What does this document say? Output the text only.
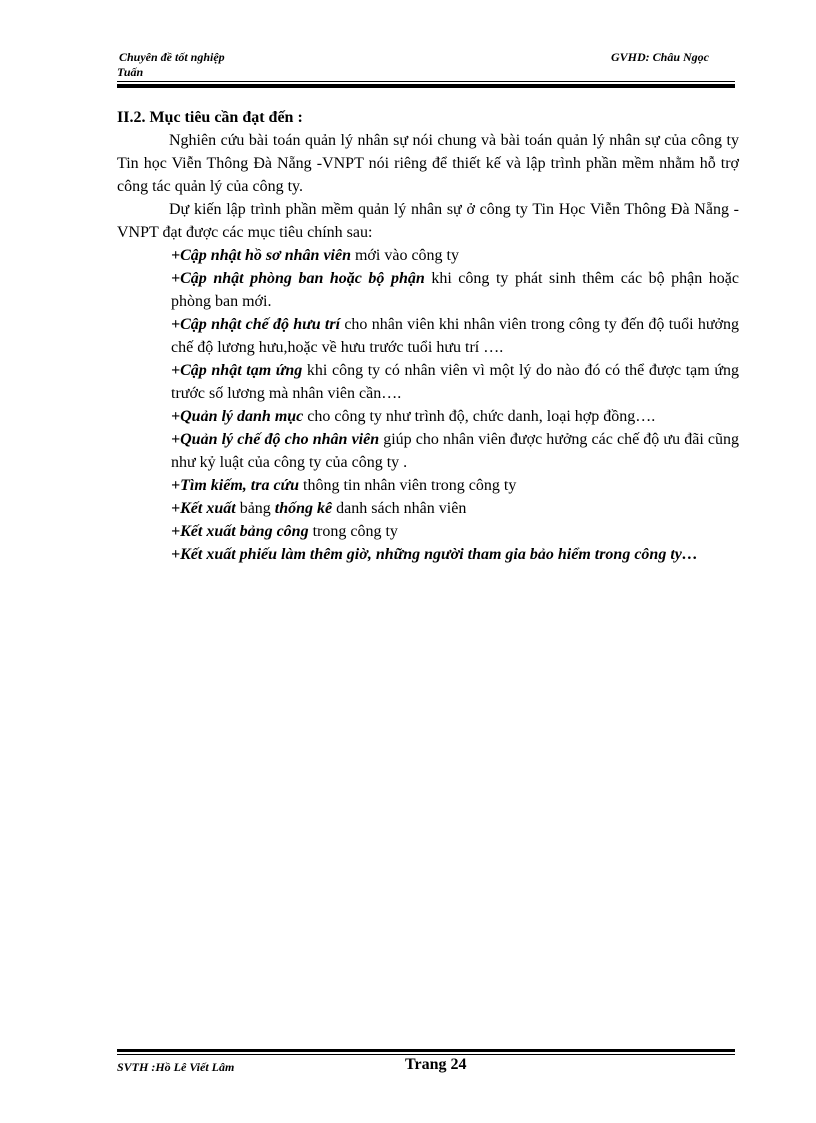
Chuyên đề tốt nghiệp
Tuấn
GVHD: Châu Ngọc

II.2. Mục tiêu cần đạt đến :

Nghiên cứu bài toán quản lý nhân sự nói chung và bài toán quản lý nhân sự của công ty Tin học Viễn Thông Đà Nẵng -VNPT nói riêng để thiết kế và lập trình phần mềm nhằm hỗ trợ công tác quản lý của công ty.

Dự kiến lập trình phần mềm quản lý nhân sự ở công ty Tin Học Viễn Thông Đà Nẵng -VNPT đạt được các mục tiêu chính sau:

+Cập nhật hồ sơ nhân viên mới vào công ty

+Cập nhật phòng ban hoặc bộ phận khi công ty phát sinh thêm các bộ phận hoặc phòng ban mới.

+Cập nhật chế độ hưu trí cho nhân viên khi nhân viên trong công ty đến độ tuổi hưởng chế độ lương hưu,hoặc về hưu trước tuổi hưu trí ….

+Cập nhật tạm ứng khi công ty có nhân viên vì một lý do nào đó có thể được tạm ứng trước số lương mà nhân viên cần….

+Quản lý danh mục cho công ty như trình độ, chức danh, loại hợp đồng….

+Quản lý chế độ cho nhân viên giúp cho nhân viên được hưởng các chế độ ưu đãi cũng như kỷ luật của công ty của công ty .

+Tìm kiếm, tra cứu thông tin nhân viên trong công ty

+Kết xuất bảng thống kê danh sách nhân viên

+Kết xuất bảng công trong công ty

+Kết xuất phiếu làm thêm giờ, những người tham gia bảo hiểm trong công ty…

SVTH :Hồ Lê Viết Lâm	Trang 24
